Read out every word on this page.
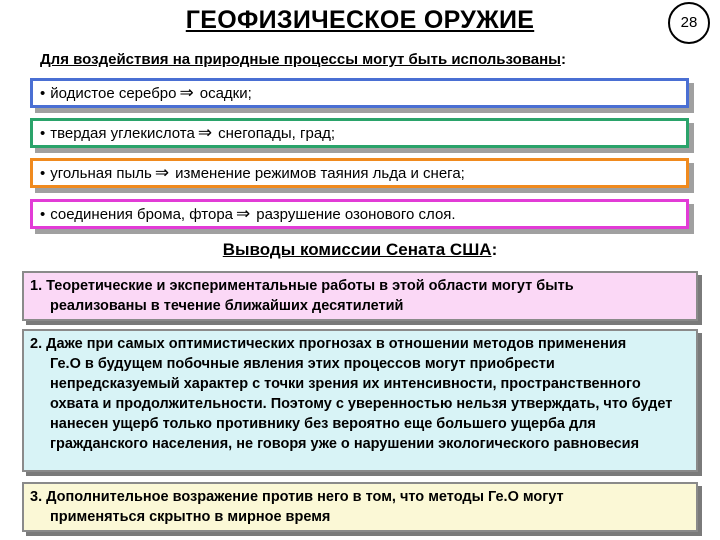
ГЕОФИЗИЧЕСКОЕ ОРУЖИЕ	28
Для воздействия на природные процессы могут быть использованы:
• йодистое серебро ⇒ осадки;
• твердая углекислота ⇒ снегопады, град;
• угольная пыль ⇒ изменение режимов таяния льда и снега;
• соединения брома, фтора ⇒ разрушение озонового слоя.
Выводы комиссии Сената США:
1. Теоретические и экспериментальные работы в этой области могут быть
реализованы в течение ближайших десятилетий
2. Даже при самых оптимистических прогнозах в отношении методов применения
Ге.О в будущем побочные явления этих процессов могут приобрести непредсказуемый характер с точки зрения их интенсивности, пространственного охвата и продолжительности. Поэтому с уверенностью нельзя утверждать, что будет нанесен ущерб только противнику без вероятно еще большего ущерба для гражданского населения, не говоря уже о нарушении экологического равновесия
3. Дополнительное возражение против него в том, что методы Ге.О могут
применяться скрытно в мирное время
